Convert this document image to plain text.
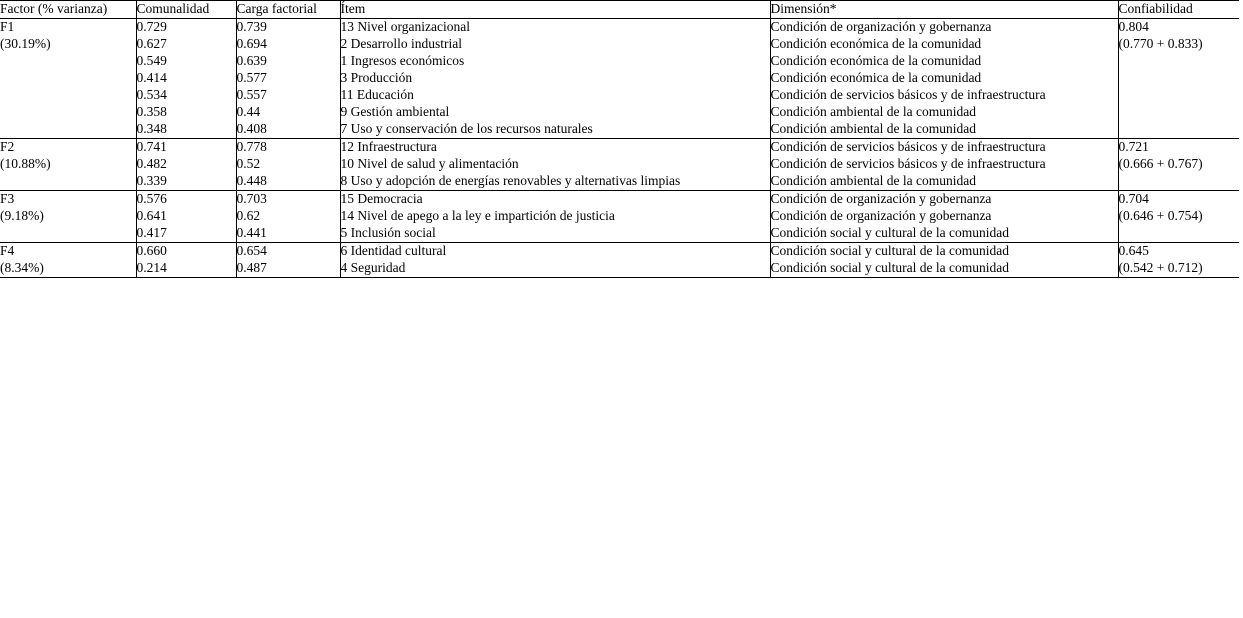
Factor (% varianza)	Comunalidad	Carga factorial	Ítem	Dimensión*	Confiabilidad

F1	0.729	0.739	13 Nivel organizacional	Condición de organización y gobernanza	0.804
(30.19%)	0.627	0.694	2 Desarrollo industrial	Condición económica de la comunidad	(0.770 + 0.833)
	0.549	0.639	1 Ingresos económicos	Condición económica de la comunidad	
	0.414	0.577	3 Producción	Condición económica de la comunidad	
	0.534	0.557	11 Educación	Condición de servicios básicos y de infraestructura	
	0.358	0.44	9 Gestión ambiental	Condición ambiental de la comunidad	
	0.348	0.408	7 Uso y conservación de los recursos naturales	Condición ambiental de la comunidad	

F2	0.741	0.778	12 Infraestructura	Condición de servicios básicos y de infraestructura	0.721
(10.88%)	0.482	0.52	10 Nivel de salud y alimentación	Condición de servicios básicos y de infraestructura	(0.666 + 0.767)
	0.339	0.448	8 Uso y adopción de energías renovables y alternativas limpias	Condición ambiental de la comunidad	

F3	0.576	0.703	15 Democracia	Condición de organización y gobernanza	0.704
(9.18%)	0.641	0.62	14 Nivel de apego a la ley e impartición de justicia	Condición de organización y gobernanza	(0.646 + 0.754)
	0.417	0.441	5 Inclusión social	Condición social y cultural de la comunidad	

F4	0.660	0.654	6 Identidad cultural	Condición social y cultural de la comunidad	0.645
(8.34%)	0.214	0.487	4 Seguridad	Condición social y cultural de la comunidad	(0.542 + 0.712)
